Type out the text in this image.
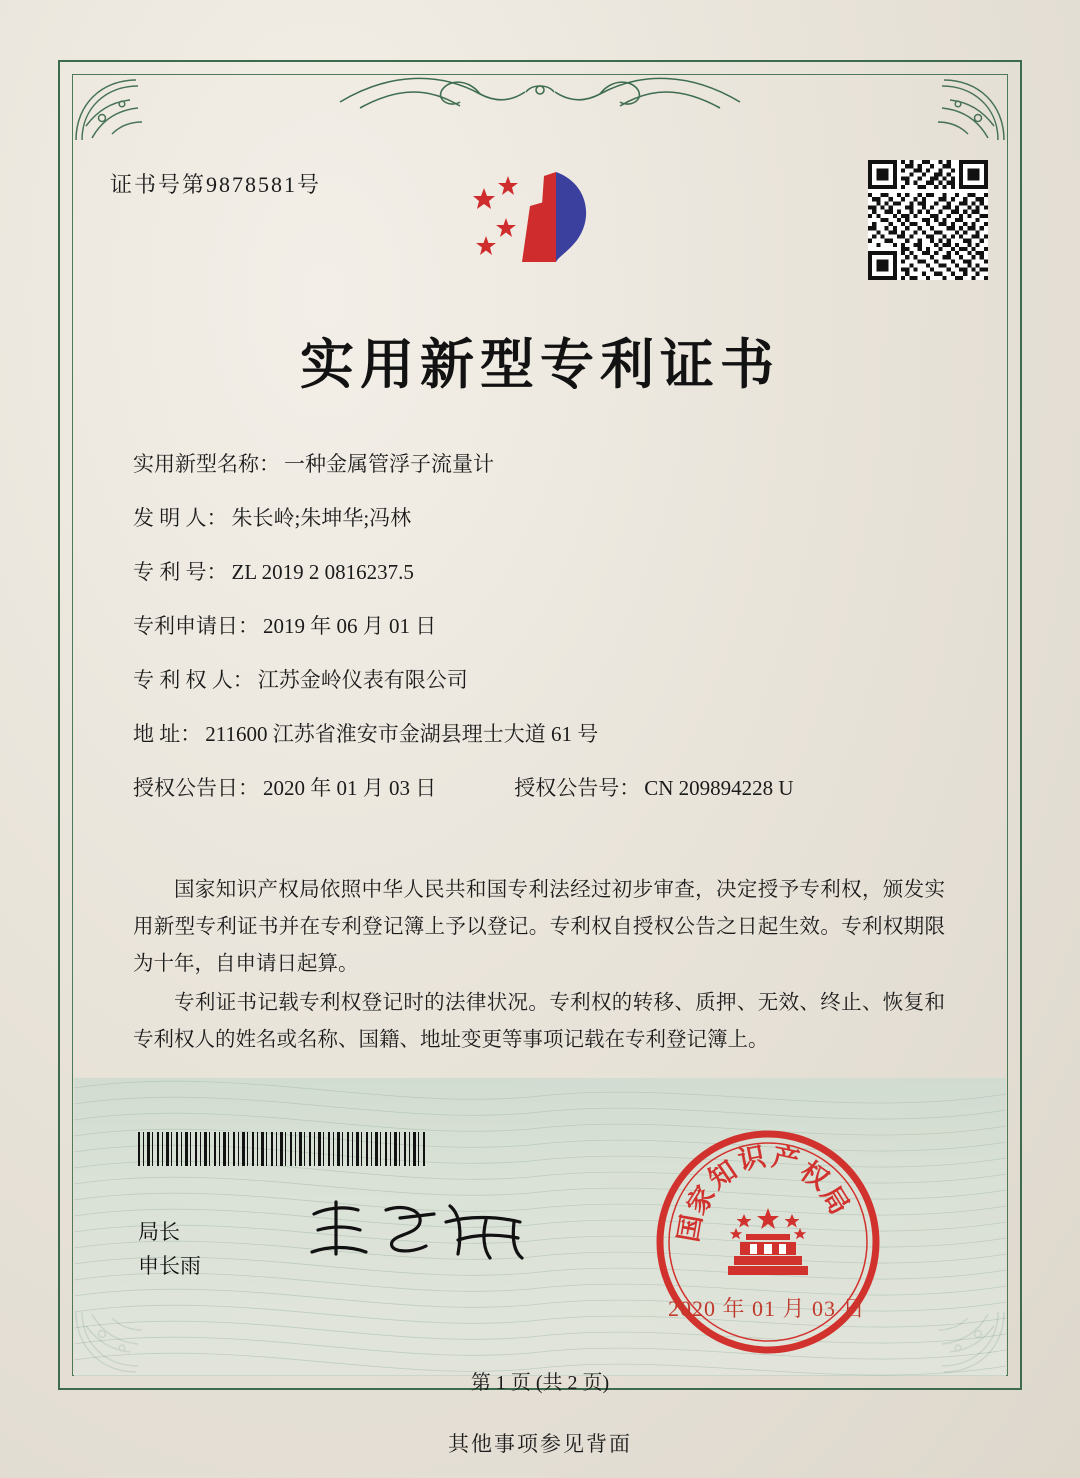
证书号第9878581号
实用新型专利证书
实用新型名称： 一种金属管浮子流量计
发 明 人： 朱长岭;朱坤华;冯林
专 利 号： ZL 2019 2 0816237.5
专利申请日： 2019 年 06 月 01 日
专 利 权 人： 江苏金岭仪表有限公司
地 址： 211600 江苏省淮安市金湖县理士大道 61 号
授权公告日： 2020 年 01 月 03 日	授权公告号： CN 209894228 U

国家知识产权局依照中华人民共和国专利法经过初步审查，决定授予专利权，颁发实用新型专利证书并在专利登记簿上予以登记。专利权自授权公告之日起生效。专利权期限为十年，自申请日起算。

专利证书记载专利权登记时的法律状况。专利权的转移、质押、无效、终止、恢复和专利权人的姓名或名称、国籍、地址变更等事项记载在专利登记簿上。

局长
申长雨
知
识 产
权
局
家
国
2020 年 01 月 03 日
第 1 页 (共 2 页)
其他事项参见背面
